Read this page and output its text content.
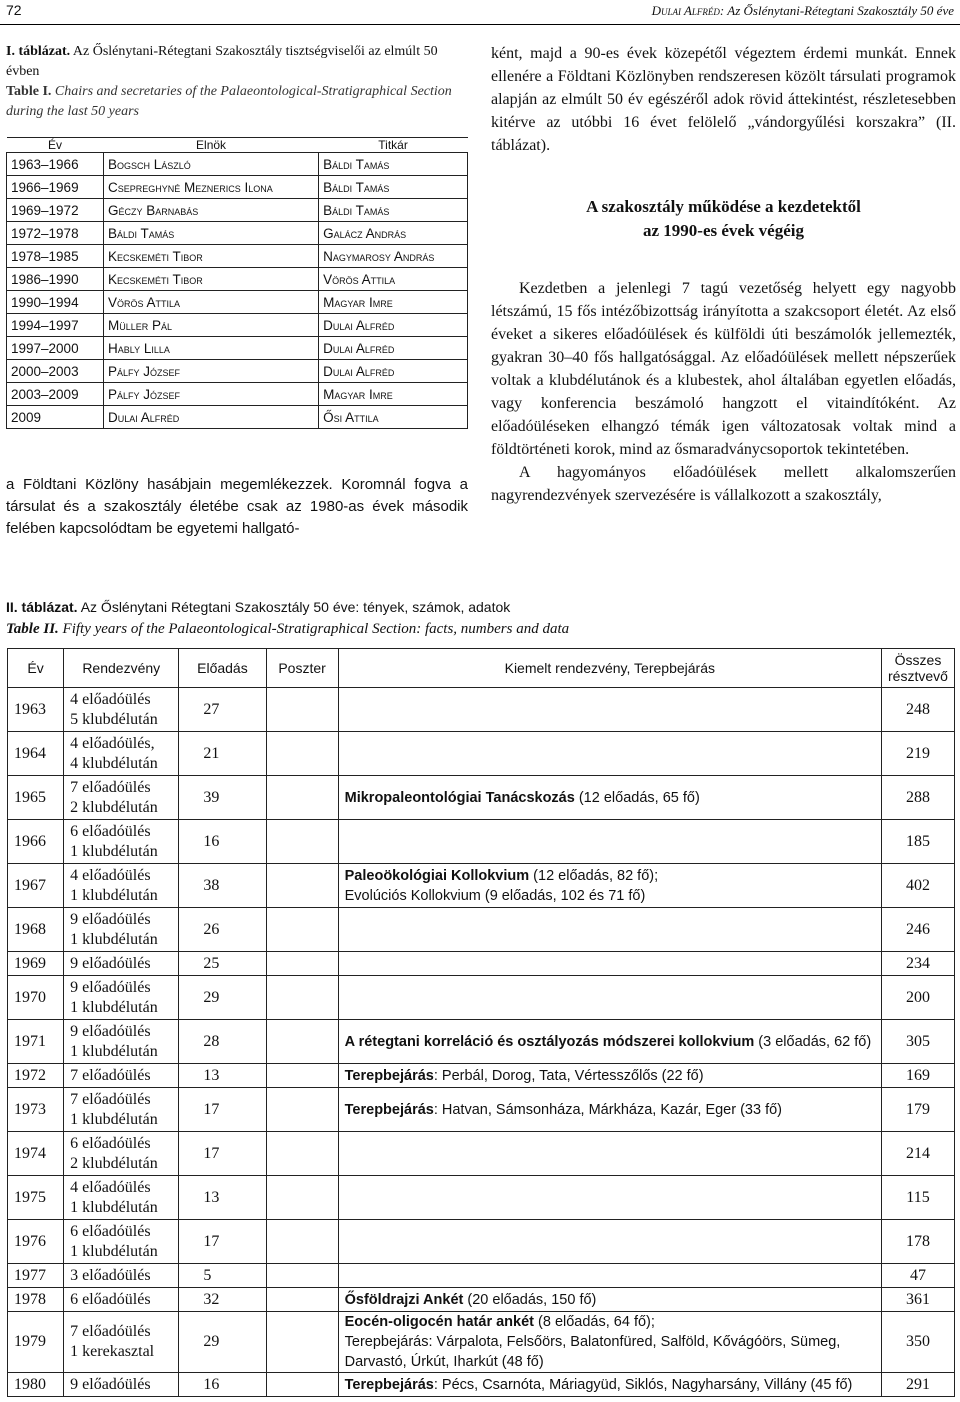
72	Dulai Alfréd: Az Őslénytani-Rétegtani Szakosztály 50 éve

I. táblázat. Az Őslénytani-Rétegtani Szakosztály tisztségviselői az elmúlt 50 évben

Table I. Chairs and secretaries of the Palaeontological-Stratigraphical Section during the last 50 years

Év	Elnök	Titkár
1963–1966	Bogsch László	Báldi Tamás
1966–1969	Csepreghyné Meznerics Ilona	Báldi Tamás
1969–1972	Géczy Barnabás	Báldi Tamás
1972–1978	Báldi Tamás	Galácz András
1978–1985	Kecskeméti Tibor	Nagymarosy András
1986–1990	Kecskeméti Tibor	Vörös Attila
1990–1994	Vörös Attila	Magyar Imre
1994–1997	Müller Pál	Dulai Alfréd
1997–2000	Hably Lilla	Dulai Alfréd
2000–2003	Pálfy József	Dulai Alfréd
2003–2009	Pálfy József	Magyar Imre
2009	Dulai Alfréd	Ősi Attila

a Földtani Közlöny hasábjain megemlékezzek. Koromnál fogva a társulat és a szakosztály életébe csak az 1980-as évek második felében kapcsolódtam be egyetemi hallgató-

ként, majd a 90-es évek közepétől végeztem érdemi munkát. Ennek ellenére a Földtani Közlönyben rendszeresen közölt társulati programok alapján az elmúlt 50 év egészéről adok rövid áttekintést, részletesebben kitérve az utóbbi 16 évet felölelő „vándorgyűlési korszakra” (II. táblázat).

A szakosztály működése a kezdetektől
az 1990-es évek végéig

Kezdetben a jelenlegi 7 tagú vezetőség helyett egy nagyobb létszámú, 15 fős intézőbizottság irányította a szakcsoport életét. Az első éveket a sikeres előadóülések és külföldi úti beszámolók jellemezték, gyakran 30–40 fős hallgatósággal. Az előadóülések mellett népszerűek voltak a klubdélutánok és a klubestek, ahol általában egyetlen előadás, vagy konferencia beszámoló hangzott el vitaindítóként. Az előadóüléseken elhangzó témák igen változatosak voltak mind a földtörténeti korok, mind az ősmaradványcsoportok tekintetében.

A hagyományos előadóülések mellett alkalomszerűen nagyrendezvények szervezésére is vállalkozott a szakosztály,

II. táblázat. Az Őslénytani Rétegtani Szakosztály 50 éve: tények, számok, adatok

Table II. Fifty years of the Palaeontological-Stratigraphical Section: facts, numbers and data

Év	Rendezvény	Előadás	Poszter	Kiemelt rendezvény, Terepbejárás	Összes résztvevő
1963	4 előadóülés
5 klubdélután	27			248
1964	4 előadóülés,
4 klubdélután	21			219
1965	7 előadóülés
2 klubdélután	39		Mikropaleontológiai Tanácskozás (12 előadás, 65 fő)	288
1966	6 előadóülés
1 klubdélután	16			185
1967	4 előadóülés
1 klubdélután	38		Paleoökológiai Kollokvium (12 előadás, 82 fő);
Evolúciós Kollokvium (9 előadás, 102 és 71 fő)	402
1968	9 előadóülés
1 klubdélután	26			246
1969	9 előadóülés	25			234
1970	9 előadóülés
1 klubdélután	29			200
1971	9 előadóülés
1 klubdélután	28		A rétegtani korreláció és osztályozás módszerei kollokvium (3 előadás, 62 fő)	305
1972	7 előadóülés	13		Terepbejárás: Perbál, Dorog, Tata, Vértesszőlős (22 fő)	169
1973	7 előadóülés
1 klubdélután	17		Terepbejárás: Hatvan, Sámsonháza, Márkháza, Kazár, Eger (33 fő)	179
1974	6 előadóülés
2 klubdélután	17			214
1975	4 előadóülés
1 klubdélután	13			115
1976	6 előadóülés
1 klubdélután	17			178
1977	3 előadóülés	5			47
1978	6 előadóülés	32		Ősföldrajzi Ankét (20 előadás, 150 fő)	361
1979	7 előadóülés
1 kerekasztal	29		Eocén-oligocén határ ankét (8 előadás, 64 fő);
Terepbejárás: Várpalota, Felsőörs, Balatonfüred, Salföld, Kővágóörs, Sümeg, Darvastó, Úrkút, Iharkút (48 fő)	350
1980	9 előadóülés	16		Terepbejárás: Pécs, Csarnóta, Máriagyüd, Siklós, Nagyharsány, Villány (45 fő)	291
